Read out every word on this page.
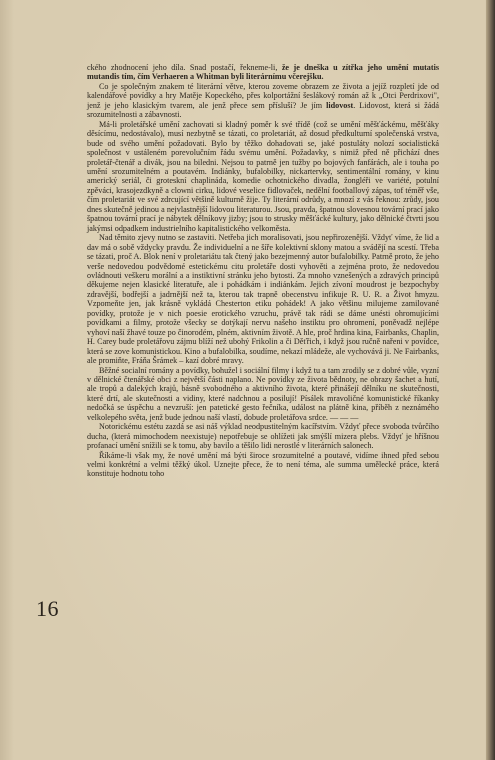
ckého zhodnocení jeho díla. Snad postačí, řekneme-li, že je dneška u zítřka jeho umění mutatis mutandis tím, čím Verhaeren a Whitman byli literárnímu včerejšku.

Co je společným znakem té literární větve, kterou zoveme obrazem ze života a jejíž rozpletí jde od kalendářové povídky a hry Matěje Kopeckého, přes kolportážní šeslákový román až k „Otci Perdrixovi", jenž je jeho klasickým tvarem, ale jenž přece sem přísluší? Je jím lidovost. Lidovost, která si žádá srozumitelnosti a zábavnosti.

Má-li proletářské umění zachovati si kladný poměr k své třídě (což se umění měšťáckému, měšťáky děsícímu, nedostávalo), musí nezbytně se tázati, co proletariát, až dosud předkulturní společenská vrstva, bude od svého umění požadovati. Bylo by těžko dohadovati se, jaké postuláty nolozí socialistická společnost v ustáleném porevolučním řádu svému umění. Požadavky, s nimiž před ně přichází dnes proletář-čtenář a divák, jsou na biledni. Nejsou to patrně jen tužby po bojových fanfárách, ale i touha po umění srozumitelném a poutavém. Indiánky, bufalobilky, nickartervky, sentimentální romány, v kinu americký seriál, či groteskní chaplináda, komedie ochotnického divadla, žongléři ve variété, potulní zpěváci, krasojezdkyně a clowni cirku, lidové veselice fidlovaček, nedělní footballový zápas, tof téměř vše, čím proletariát ve své zdrcující většině kulturně žije. Ty literární odrůdy, a mnozí z vás řeknou: zrůdy, jsou dnes skutečně jedinou a nejvlastnější lidovou literaturou. Jsou, pravda, špatnou slovesnou tovární prací jako špatnou tovární prací je nábytek dělníkovy jizby; jsou to strusky měšťácké kultury, jako dělnické čtvrti jsou jakýmsi odpadkem industrielního kapitalistického velkoměsta.

Nad těmito zjevy nutno se zastaviti. Netřeba jich moralisovati, jsou nepřirozenější. Vždyť víme, že lid a dav má o sobě vždycky pravdu. Že individuelní a ne šíře kolektivní sklony matou a svádějí na scestí. Třeba se tázati, proč A. Blok není v proletariátu tak čtený jako bezejmenný autor bufalobilky. Patrně proto, že jeho verše nedovedou podvědomé estetickému citu proletáře dosti vyhověti a zejména proto, že nedovedou ovládnouti veškeru morální a a instiktivní stránku jeho bytosti. Za mnoho vznešených a zdravých principů děkujeme nejen klasické literatuře, ale i pohádkám i indiánkám. Jejich zívoní moudrost je bezpochyby zdravější, bodřejší a jadrnější než ta, kterou tak trapně obecenstvu infikuje R. U. R. a Život hmyzu. Vzpomeňte jen, jak krásně vykládá Chesterton etiku pohádek! A jako většinu milujeme zamilované povídky, protože je v nich poesie erotického vzruchu, právě tak rádi se dáme unésti ohromujícími povídkami a filmy, protože všecky se dotýkají nervu našeho instiktu pro ohromení, poněvadž nejlépe vyhoví naší žhavé touze po činorodém, plném, aktivním životě. A hle, proč hrdina kina, Fairbanks, Chaplin, H. Carey bude proletářovu zájmu blíží než ubohý Frikolin a či Děťřich, i když jsou ručně nařeni v povídce, která se zove komunistickou. Kino a bufalobilka, soudíme, nekazí mládeže, ale vychovává ji. Ne Fairbanks, ale promiňte, Fráňa Šrámek – kazí dobré mravy.

Běžné socialní romány a povídky, bohužel i sociální filmy i když tu a tam zrodily se z dobré vůle, vyzní v dělnické čtenářské obci z největší části naplano. Ne povídky ze života bědnoty, ne obrazy šachet a hutí, ale tropů a dalekých krajů, básně svobodného a aktivního života, které přinášejí dělníku ne skutečnosti, které drtí, ale skutečnosti a vidiny, které nadchnou a posilují! Písálek mravoličné komunistické říkanky nedočká se úspěchu a nevzruší: jen patetické gesto řečníka, událost na plátně kina, příběh z neznámého velkolepého světa, jenž bude jednou naší vlastí, dobude proletářova srdce. — — —

Notorickému estétu zazdá se asi náš výklad neodpustitelným kacířstvím. Vždyť přece svoboda tvůrčího ducha, (která mimochodem neexistuje) nepotřebuje se ohlížeti jak smýšlí mizera plebs. Vždyť je hříšnou profanací umění snížili se k tomu, aby bavilo a těšilo lidi nerostlé v literárních salonech.

Říkáme-li však my, že nové umění má býti široce srozumitelné a poutavé, vidíme ihned před sebou velmi konkrétní a velmi těžký úkol. Uznejte přece, že to není téma, ale summa umělecké práce, která konstituje hodnotu toho

16
